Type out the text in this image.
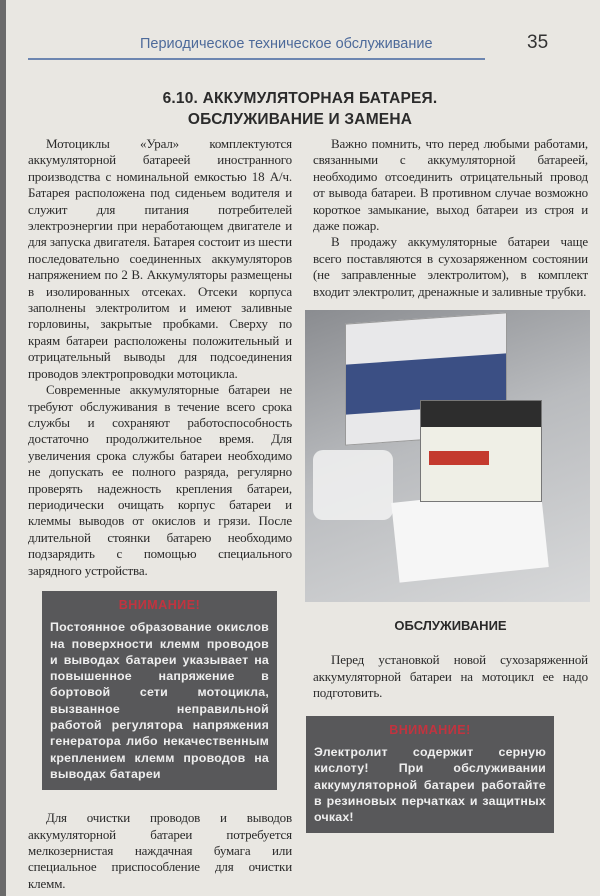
Периодическое техническое обслуживание	35
6.10. АККУМУЛЯТОРНАЯ БАТАРЕЯ.
ОБСЛУЖИВАНИЕ И ЗАМЕНА

Мотоциклы «Урал» комплектуются аккумуляторной батареей иностранного производства с номинальной емкостью 18 А/ч. Батарея расположена под сиденьем водителя и служит для питания потребителей электроэнергии при неработающем двигателе и для запуска двигателя. Батарея состоит из шести последовательно соединенных аккумуляторов напряжением по 2 В. Аккумуляторы размещены в изолированных отсеках. Отсеки корпуса заполнены электролитом и имеют заливные горловины, закрытые пробками. Сверху по краям батареи расположены положительный и отрицательный выводы для подсоединения проводов электропроводки мотоцикла.

Современные аккумуляторные батареи не требуют обслуживания в течение всего срока службы и сохраняют работоспособность достаточно продолжительное время. Для увеличения срока службы батареи необходимо не допускать ее полного разряда, регулярно проверять надежность крепления батареи, периодически очищать корпус батареи и клеммы выводов от окислов и грязи. После длительной стоянки батарею необходимо подзарядить с помощью специального зарядного устройства.

ВНИМАНИЕ!
Постоянное образование окислов на поверхности клемм проводов и выводах батареи указывает на повышенное напряжение в бортовой сети мотоцикла, вызванное неправильной работой регулятора напряжения генератора либо некачественным креплением клемм проводов на выводах батареи

Для очистки проводов и выводов аккумуляторной батареи потребуется мелкозернистая наждачная бумага или специальное приспособление для очистки клемм.

Важно помнить, что перед любыми работами, связанными с аккумуляторной батареей, необходимо отсоединить отрицательный провод от вывода батареи. В противном случае возможно короткое замыкание, выход батареи из строя и даже пожар.

В продажу аккумуляторные батареи чаще всего поставляются в сухозаряженном состоянии (не заправленные электролитом), в комплект входит электролит, дренажные и заливные трубки.

ОБСЛУЖИВАНИЕ

Перед установкой новой сухозаряженной аккумуляторной батареи на мотоцикл ее надо подготовить.

ВНИМАНИЕ!
Электролит содержит серную кислоту! При обслуживании аккумуляторной батареи работайте в резиновых перчатках и защитных очках!
